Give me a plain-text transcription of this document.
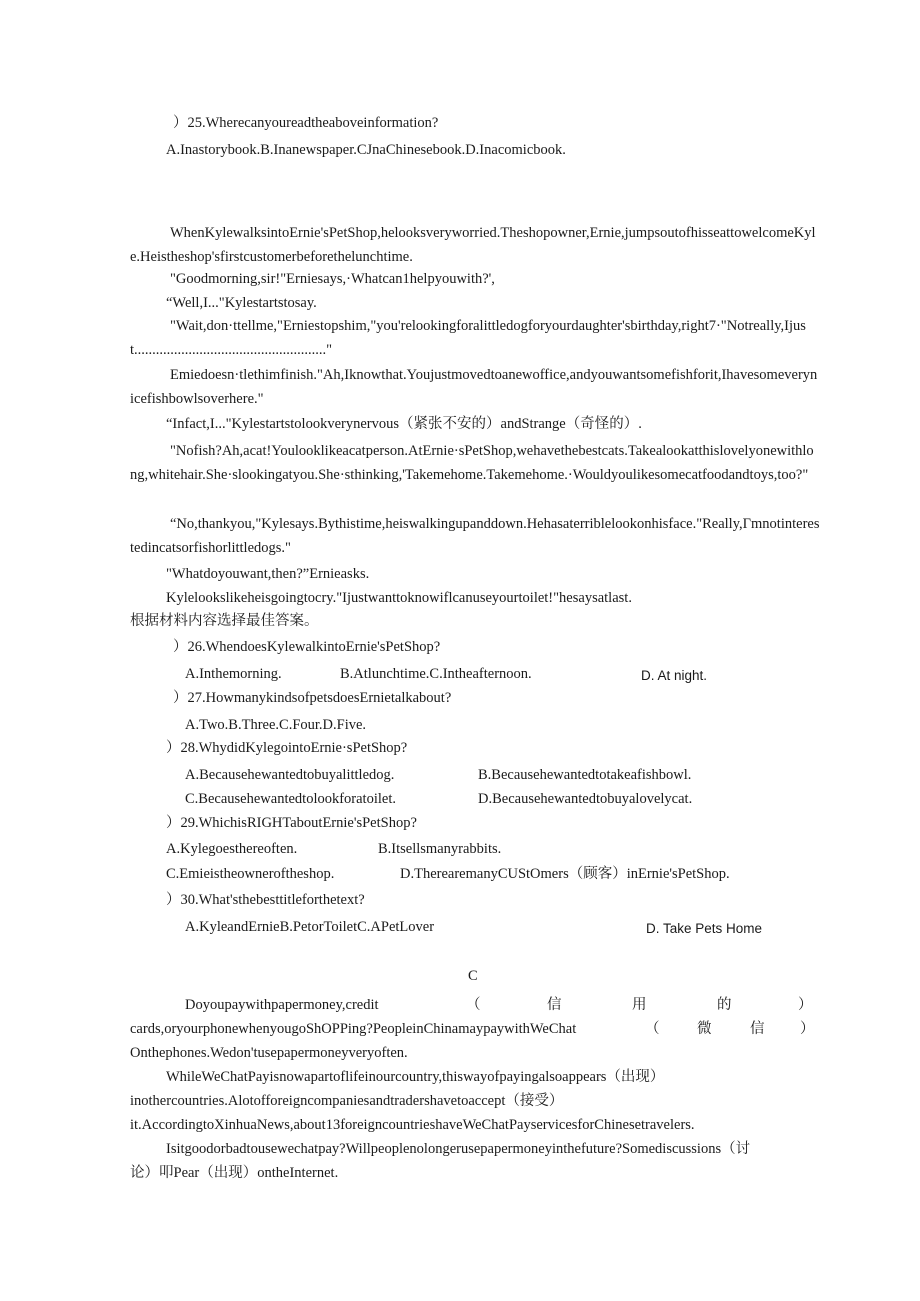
）25.Wherecanyoureadtheaboveinformation?
A.Inastorybook.B.Inanewspaper.CJnaChinesebook.D.Inacomicbook.
WhenKylewalksintoErnie'sPetShop,helooksveryworried.Theshopowner,Ernie,jumpsoutofhisseattowelcomeKyle.Heistheshop'sfirstcustomerbeforethelunchtime.
"Goodmorning,sir!"Erniesays,·Whatcan1helpyouwith?',
“Well,I..."Kylestartstosay.
"Wait,don·ttellme,"Erniestopshim,"you'relookingforalittledogforyourdaughter'sbirthday,right7·"Notreally,Ijust....................................................."
Emiedoesn·tlethimfinish."Ah,Iknowthat.Youjustmovedtoanewoffice,andyouwantsomefishforit,Ihavesomeverynicefishbowlsoverhere."
“Infact,I..."Kylestartstolookverynervous（紧张不安的）andStrange（奇怪的）.
"Nofish?Ah,acat!Youlooklikeacatperson.AtErnie·sPetShop,wehavethebestcats.Takealookatthislovelyonewithlong,whitehair.She·slookingatyou.She·sthinking,'Takemehome.Takemehome.·Wouldyoulikesomecatfoodandtoys,too?"
“No,thankyou,"Kylesays.Bythistime,heiswalkingupanddown.Hehasaterriblelookonhisface."Really,Γmnotinterestedincatsorfishorlittledogs."
"Whatdoyouwant,then?”Ernieasks.
Kylelookslikeheisgoingtocry."Ijustwanttoknowiflcanuseyourtoilet!"hesaysatlast.
根据材料内容选择最佳答案。
）26.WhendoesKylewalkintoErnie'sPetShop?
A.Inthemorning.	B.Atlunchtime.C.Intheafternoon.	D. At night.
）27.HowmanykindsofpetsdoesErnietalkabout?
A.Two.B.Three.C.Four.D.Five.
）28.WhydidKylegointoErnie·sPetShop?
A.Becausehewantedtobuyalittledog.	B.Becausehewantedtotakeafishbowl.
C.Becausehewantedtolookforatoilet.	D.Becausehewantedtobuyalovelycat.
）29.WhichisRIGHTaboutErnie'sPetShop?
A.Kylegoesthereoften.	B.Itsellsmanyrabbits.
C.Emieistheowneroftheshop.	D.TherearemanyCUStOmers（顾客）inErnie'sPetShop.
）30.What'sthebesttitleforthetext?
A.KyleandErnieB.PetorToiletC.APetLover	D. Take Pets Home
C
Doyoupaywithpapermoney,credit	（	信	用	的	）
cards,oryourphonewhenyougoShOPPing?PeopleinChinamaypaywithWeChat	（	微	信 ）
Onthephones.Wedon'tusepapermoneyveryoften.
WhileWeChatPayisnowapartoflifeinourcountry,thiswayofpayingalsoappears（出现）
inothercountries.Alotofforeigncompaniesandtradershavetoaccept（接受）
it.AccordingtoXinhuaNews,about13foreigncountrieshaveWeChatPayservicesforChinesetravelers.
Isitgoodorbadtousewechatpay?Willpeoplenolongerusepapermoneyinthefuture?Somediscussions（讨
论）叩Pear（出现）ontheInternet.
